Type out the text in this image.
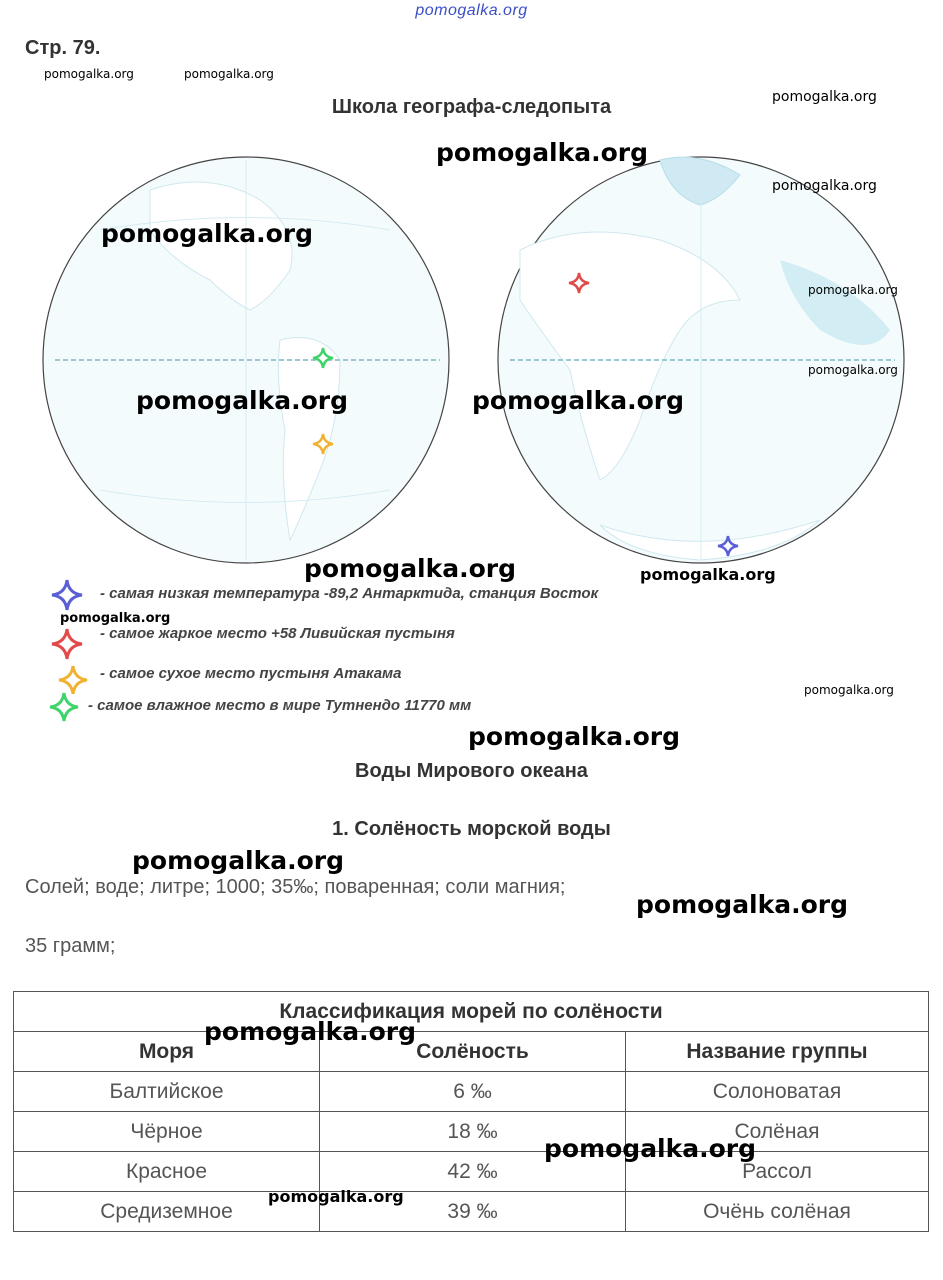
pomogalka.org
Стр. 79.
Школа географа-следопыта
- самая низкая температура -89,2 Антарктида, станция Восток
- самое жаркое место +58 Ливийская пустыня
- самое сухое место пустыня Атакама
- самое влажное место в мире Тутнендо 11770 мм
Воды Мирового океана
1. Солёность морской воды
Солей; воде; литре; 1000; 35‰; поваренная; соли магния;
35 грамм;
Классификация морей по солёности		
Моря	Солёность	Название группы
Балтийское	6 ‰	Солоноватая
Чёрное	18 ‰	Солёная
Красное	42 ‰	Рассол
Средиземное	39 ‰	Очёнь солёная
pomogalka.org	pomogalka.org
pomogalka.org
pomogalka.org
pomogalka.org
pomogalka.org
pomogalka.org
pomogalka.org
pomogalka.org	pomogalka.org
pomogalka.org	pomogalka.org
pomogalka.org
pomogalka.org
pomogalka.org
pomogalka.org
pomogalka.org
pomogalka.org
pomogalka.org
pomogalka.org
